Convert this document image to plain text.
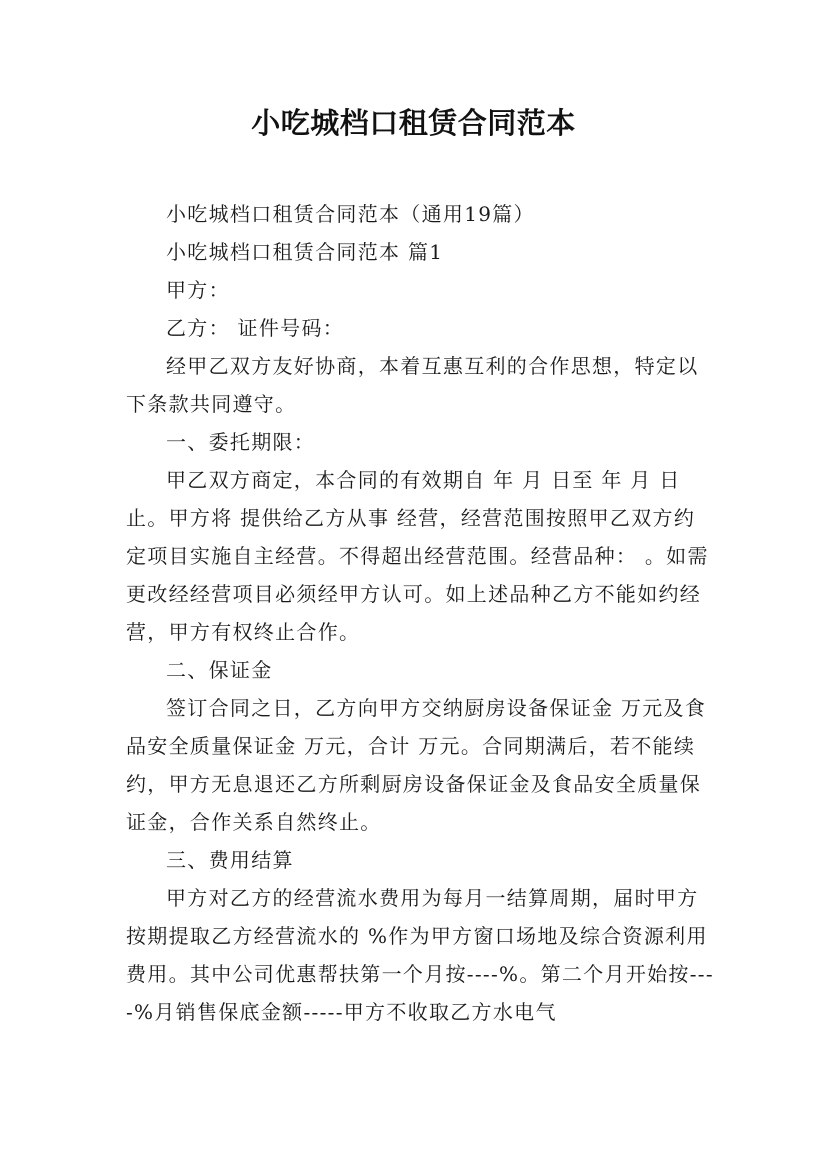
小吃城档口租赁合同范本

小吃城档口租赁合同范本（通用19篇）

小吃城档口租赁合同范本 篇1

甲方：

乙方： 证件号码：

经甲乙双方友好协商，本着互惠互利的合作思想，特定以下条款共同遵守。

一、委托期限：

甲乙双方商定，本合同的有效期自 年 月 日至 年 月 日止。甲方将 提供给乙方从事 经营，经营范围按照甲乙双方约定项目实施自主经营。不得超出经营范围。经营品种： 。如需更改经经营项目必须经甲方认可。如上述品种乙方不能如约经营，甲方有权终止合作。

二、保证金

签订合同之日，乙方向甲方交纳厨房设备保证金 万元及食品安全质量保证金 万元，合计 万元。合同期满后，若不能续约，甲方无息退还乙方所剩厨房设备保证金及食品安全质量保证金，合作关系自然终止。

三、费用结算

甲方对乙方的经营流水费用为每月一结算周期，届时甲方按期提取乙方经营流水的 %作为甲方窗口场地及综合资源利用费用。其中公司优惠帮扶第一个月按----%。第二个月开始按----%月销售保底金额-----甲方不收取乙方水电气
